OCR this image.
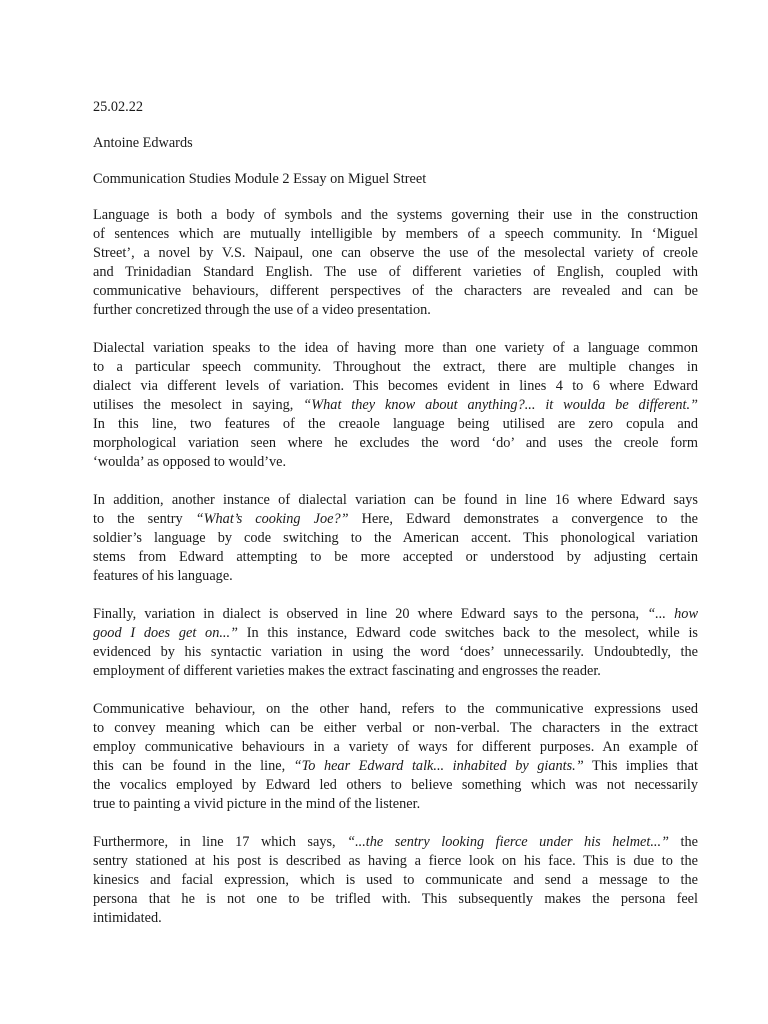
25.02.22
Antoine Edwards
Communication Studies Module 2 Essay on Miguel Street
Language is both a body of symbols and the systems governing their use in the construction
of sentences which are mutually intelligible by members of a speech community. In ‘Miguel
Street’, a novel by V.S. Naipaul, one can observe the use of the mesolectal variety of creole
and Trinidadian Standard English. The use of different varieties of English, coupled with
communicative behaviours, different perspectives of the characters are revealed and can be
further concretized through the use of a video presentation.
Dialectal variation speaks to the idea of having more than one variety of a language common
to a particular speech community. Throughout the extract, there are multiple changes in
dialect via different levels of variation. This becomes evident in lines 4 to 6 where Edward
utilises the mesolect in saying, “What they know about anything?... it woulda be different.”
In this line, two features of the creaole language being utilised are zero copula and
morphological variation seen where he excludes the word ‘do’ and uses the creole form
‘woulda’ as opposed to would’ve.
In addition, another instance of dialectal variation can be found in line 16 where Edward says
to the sentry “What’s cooking Joe?” Here, Edward demonstrates a convergence to the
soldier’s language by code switching to the American accent. This phonological variation
stems from Edward attempting to be more accepted or understood by adjusting certain
features of his language.
Finally, variation in dialect is observed in line 20 where Edward says to the persona, “... how
good I does get on...” In this instance, Edward code switches back to the mesolect, while is
evidenced by his syntactic variation in using the word ‘does’ unnecessarily. Undoubtedly, the
employment of different varieties makes the extract fascinating and engrosses the reader.
Communicative behaviour, on the other hand, refers to the communicative expressions used
to convey meaning which can be either verbal or non-verbal. The characters in the extract
employ communicative behaviours in a variety of ways for different purposes. An example of
this can be found in the line, “To hear Edward talk... inhabited by giants.” This implies that
the vocalics employed by Edward led others to believe something which was not necessarily
true to painting a vivid picture in the mind of the listener.
Furthermore, in line 17 which says, “...the sentry looking fierce under his helmet...” the
sentry stationed at his post is described as having a fierce look on his face. This is due to the
kinesics and facial expression, which is used to communicate and send a message to the
persona that he is not one to be trifled with. This subsequently makes the persona feel
intimidated.
